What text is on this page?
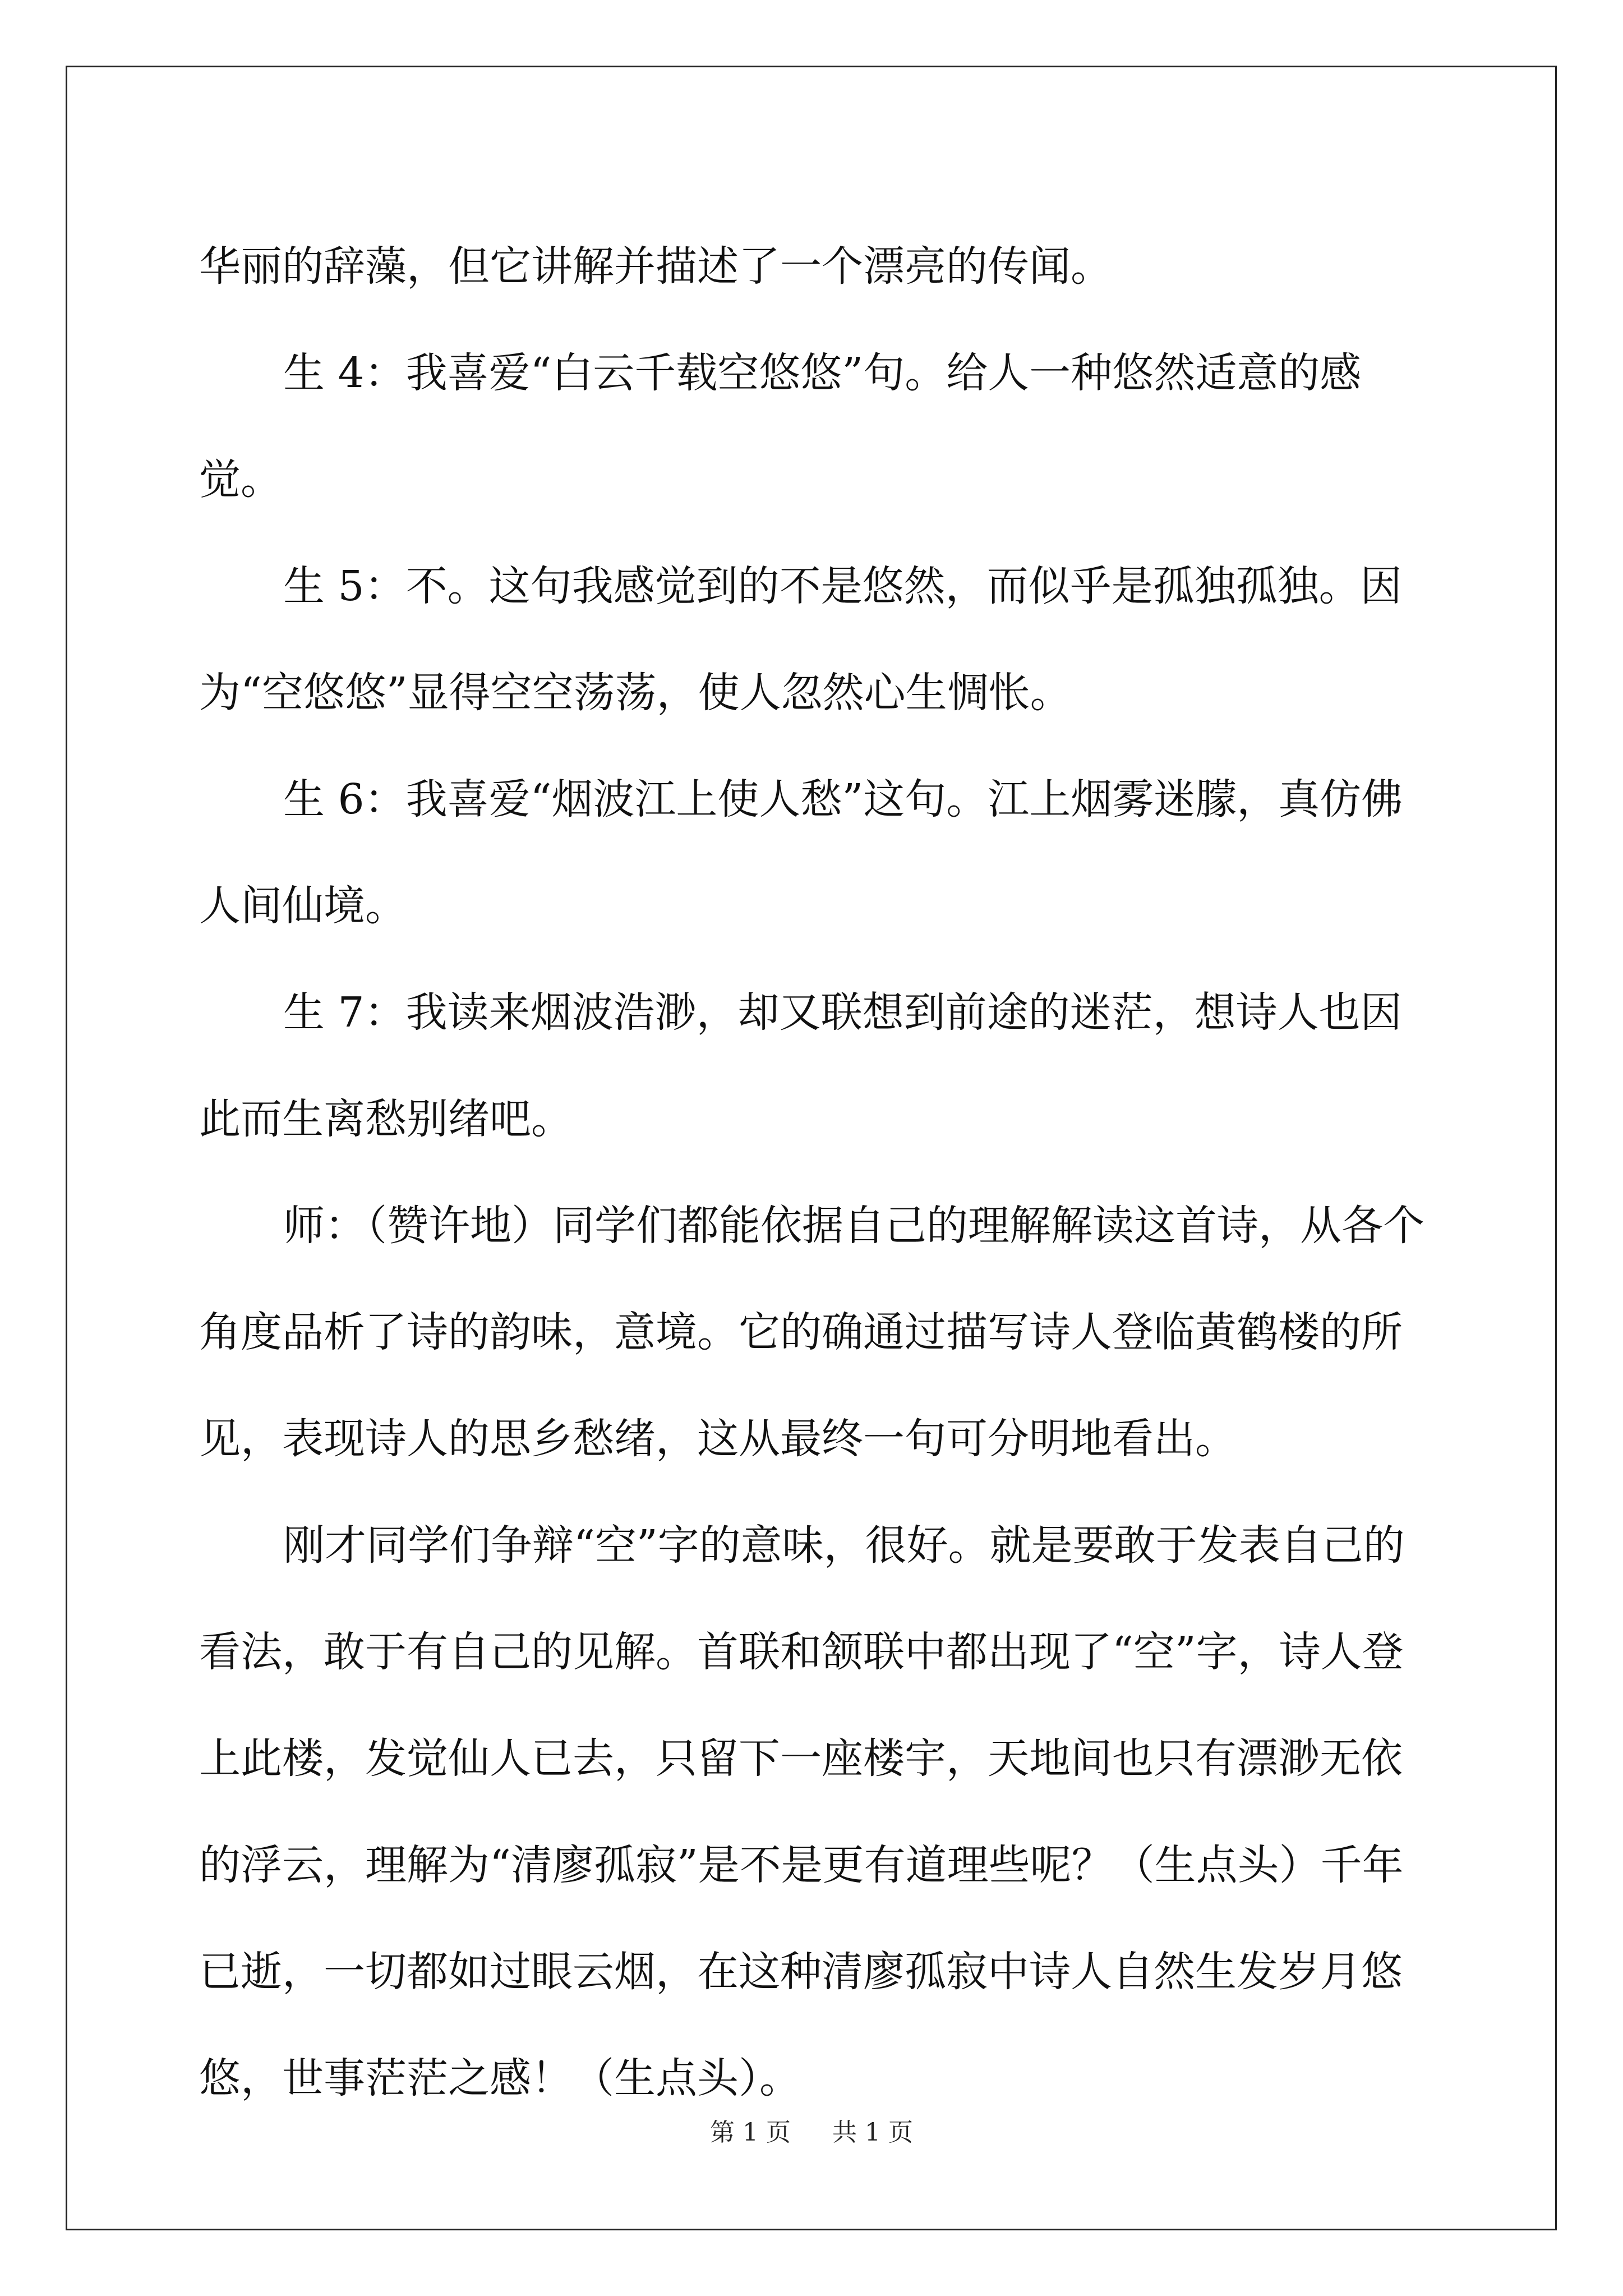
华丽的辞藻，但它讲解并描述了一个漂亮的传闻。

生 4：我喜爱“白云千载空悠悠”句。给人一种悠然适意的感觉。

生 5：不。这句我感觉到的不是悠然，而似乎是孤独孤独。因为“空悠悠”显得空空荡荡，使人忽然心生惆怅。

生 6：我喜爱“烟波江上使人愁”这句。江上烟雾迷朦，真仿佛人间仙境。

生 7：我读来烟波浩渺，却又联想到前途的迷茫，想诗人也因此而生离愁别绪吧。

师：（赞许地）同学们都能依据自己的理解解读这首诗，从各个角度品析了诗的韵味，意境。它的确通过描写诗人登临黄鹤楼的所见，表现诗人的思乡愁绪，这从最终一句可分明地看出。

刚才同学们争辩“空”字的意味，很好。就是要敢于发表自己的看法，敢于有自己的见解。首联和颔联中都出现了“空”字，诗人登上此楼，发觉仙人已去，只留下一座楼宇，天地间也只有漂渺无依的浮云，理解为“清廖孤寂”是不是更有道理些呢？（生点头）千年已逝，一切都如过眼云烟，在这种清廖孤寂中诗人自然生发岁月悠悠，世事茫茫之感！（生点头）。

第 1 页 共 1 页
